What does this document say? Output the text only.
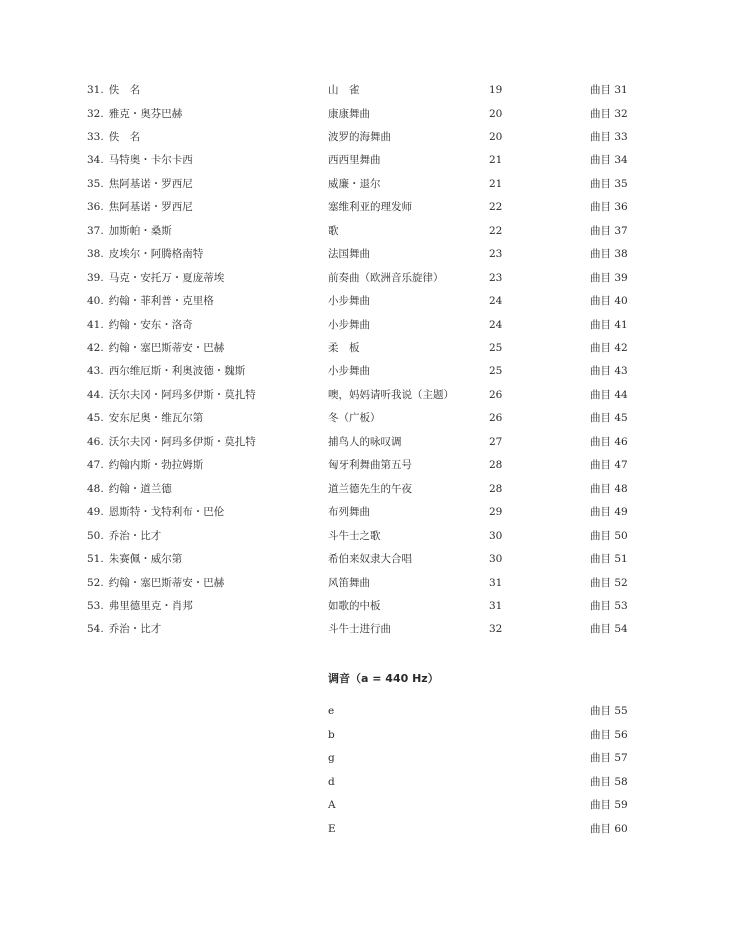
31. 佚　名	山　雀	19	曲目 31
32. 雅克・奥芬巴赫	康康舞曲	20	曲目 32
33. 佚　名	波罗的海舞曲	20	曲目 33
34. 马特奥・卡尔卡西	西西里舞曲	21	曲目 34
35. 焦阿基诺・罗西尼	威廉・退尔	21	曲目 35
36. 焦阿基诺・罗西尼	塞维利亚的理发师	22	曲目 36
37. 加斯帕・桑斯	歌	22	曲目 37
38. 皮埃尔・阿腾格南特	法国舞曲	23	曲目 38
39. 马克・安托万・夏庞蒂埃	前奏曲（欧洲音乐旋律）	23	曲目 39
40. 约翰・菲利普・克里格	小步舞曲	24	曲目 40
41. 约翰・安东・洛奇	小步舞曲	24	曲目 41
42. 约翰・塞巴斯蒂安・巴赫	柔　板	25	曲目 42
43. 西尔维厄斯・利奥波德・魏斯	小步舞曲	25	曲目 43
44. 沃尔夫冈・阿玛多伊斯・莫扎特	噢，妈妈请听我说（主题）	26	曲目 44
45. 安东尼奥・维瓦尔第	冬（广板）	26	曲目 45
46. 沃尔夫冈・阿玛多伊斯・莫扎特	捕鸟人的咏叹调	27	曲目 46
47. 约翰内斯・勃拉姆斯	匈牙利舞曲第五号	28	曲目 47
48. 约翰・道兰德	道兰德先生的午夜	28	曲目 48
49. 恩斯特・戈特利布・巴伦	布列舞曲	29	曲目 49
50. 乔治・比才	斗牛士之歌	30	曲目 50
51. 朱赛佩・威尔第	希伯来奴隶大合唱	30	曲目 51
52. 约翰・塞巴斯蒂安・巴赫	风笛舞曲	31	曲目 52
53. 弗里德里克・肖邦	如歌的中板	31	曲目 53
54. 乔治・比才	斗牛士进行曲	32	曲目 54
调音（a = 440 Hz）
e	曲目 55
b	曲目 56
g	曲目 57
d	曲目 58
A	曲目 59
E	曲目 60
